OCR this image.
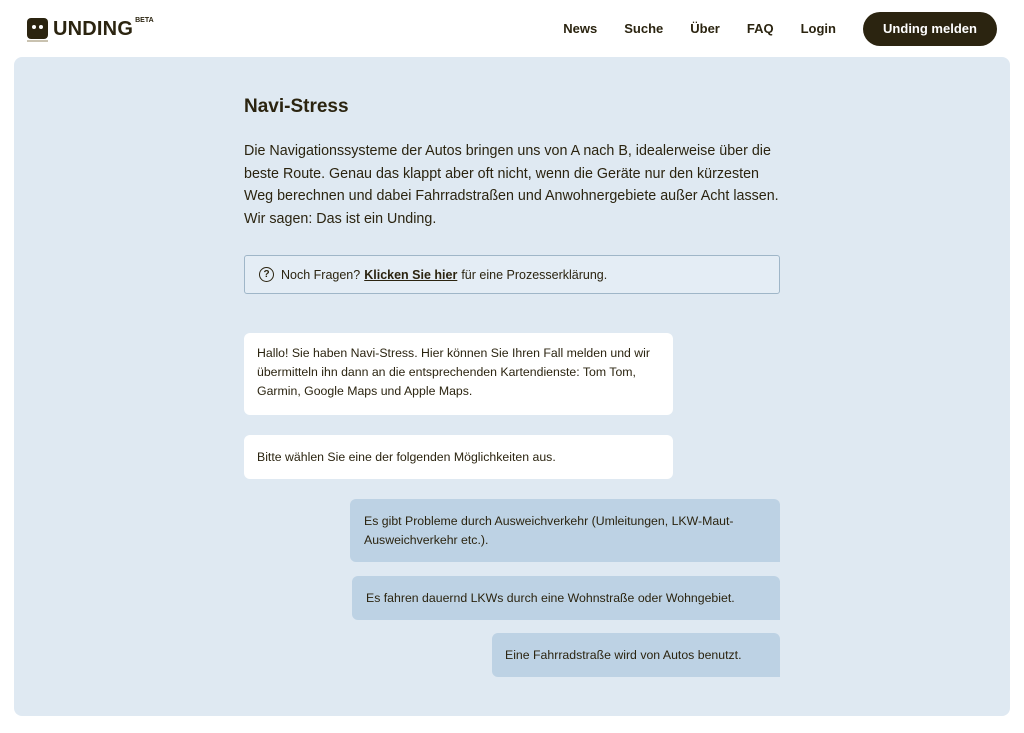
UNDING BETA
News Suche Über FAQ Login	Unding melden
Navi-Stress

Die Navigationssysteme der Autos bringen uns von A nach B, idealerweise über die beste Route. Genau das klappt aber oft nicht, wenn die Geräte nur den kürzesten Weg berechnen und dabei Fahrradstraßen und Anwohnergebiete außer Acht lassen. Wir sagen: Das ist ein Unding.

? Noch Fragen? Klicken Sie hier für eine Prozesserklärung.
Hallo! Sie haben Navi-Stress. Hier können Sie Ihren Fall melden und wir übermitteln ihn dann an die entsprechenden Kartendienste: Tom Tom, Garmin, Google Maps und Apple Maps.
Bitte wählen Sie eine der folgenden Möglichkeiten aus.
Es gibt Probleme durch Ausweichverkehr (Umleitungen, LKW-Maut-Ausweichverkehr etc.).
Es fahren dauernd LKWs durch eine Wohnstraße oder Wohngebiet.
Eine Fahrradstraße wird von Autos benutzt.
